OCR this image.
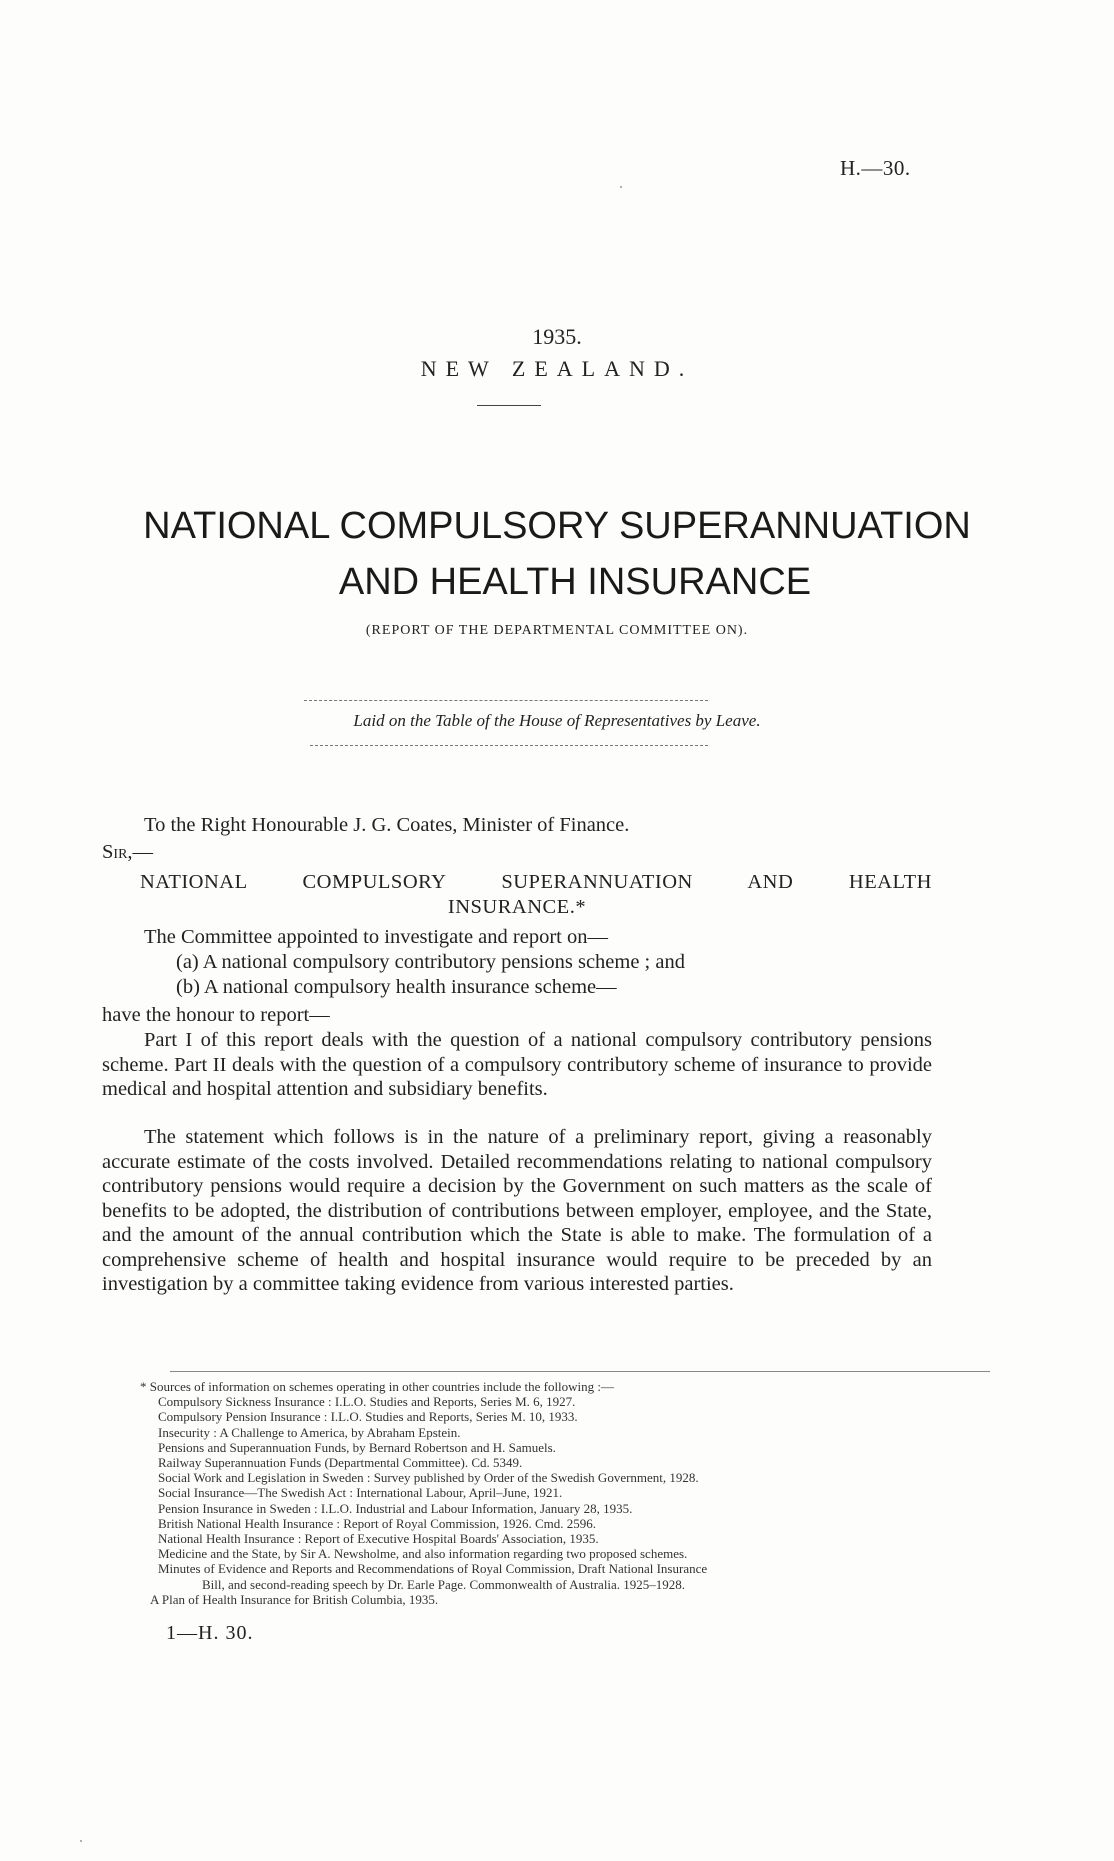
H.—30.
1935.
NEW ZEALAND.
NATIONAL COMPULSORY SUPERANNUATION
AND HEALTH INSURANCE
(REPORT OF THE DEPARTMENTAL COMMITTEE ON).
Laid on the Table of the House of Representatives by Leave.
To the Right Honourable J. G. Coates, Minister of Finance.
Sir,—
NATIONAL COMPULSORY SUPERANNUATION AND HEALTH
INSURANCE.*
The Committee appointed to investigate and report on—
(a) A national compulsory contributory pensions scheme ; and
(b) A national compulsory health insurance scheme—
have the honour to report—
Part I of this report deals with the question of a national compulsory contributory pensions scheme. Part II deals with the question of a compulsory contributory scheme of insurance to provide medical and hospital attention and subsidiary benefits.
The statement which follows is in the nature of a preliminary report, giving a reasonably accurate estimate of the costs involved. Detailed recommendations relating to national compulsory contributory pensions would require a decision by the Government on such matters as the scale of benefits to be adopted, the distribution of contributions between employer, employee, and the State, and the amount of the annual contribution which the State is able to make. The formulation of a comprehensive scheme of health and hospital insurance would require to be preceded by an investigation by a committee taking evidence from various interested parties.
* Sources of information on schemes operating in other countries include the following :—
Compulsory Sickness Insurance : I.L.O. Studies and Reports, Series M. 6, 1927.
Compulsory Pension Insurance : I.L.O. Studies and Reports, Series M. 10, 1933.
Insecurity : A Challenge to America, by Abraham Epstein.
Pensions and Superannuation Funds, by Bernard Robertson and H. Samuels.
Railway Superannuation Funds (Departmental Committee). Cd. 5349.
Social Work and Legislation in Sweden : Survey published by Order of the Swedish Government, 1928.
Social Insurance—The Swedish Act : International Labour, April–June, 1921.
Pension Insurance in Sweden : I.L.O. Industrial and Labour Information, January 28, 1935.
British National Health Insurance : Report of Royal Commission, 1926. Cmd. 2596.
National Health Insurance : Report of Executive Hospital Boards' Association, 1935.
Medicine and the State, by Sir A. Newsholme, and also information regarding two proposed schemes.
Minutes of Evidence and Reports and Recommendations of Royal Commission, Draft National Insurance
Bill, and second-reading speech by Dr. Earle Page. Commonwealth of Australia. 1925–1928.
A Plan of Health Insurance for British Columbia, 1935.
1—H. 30.
